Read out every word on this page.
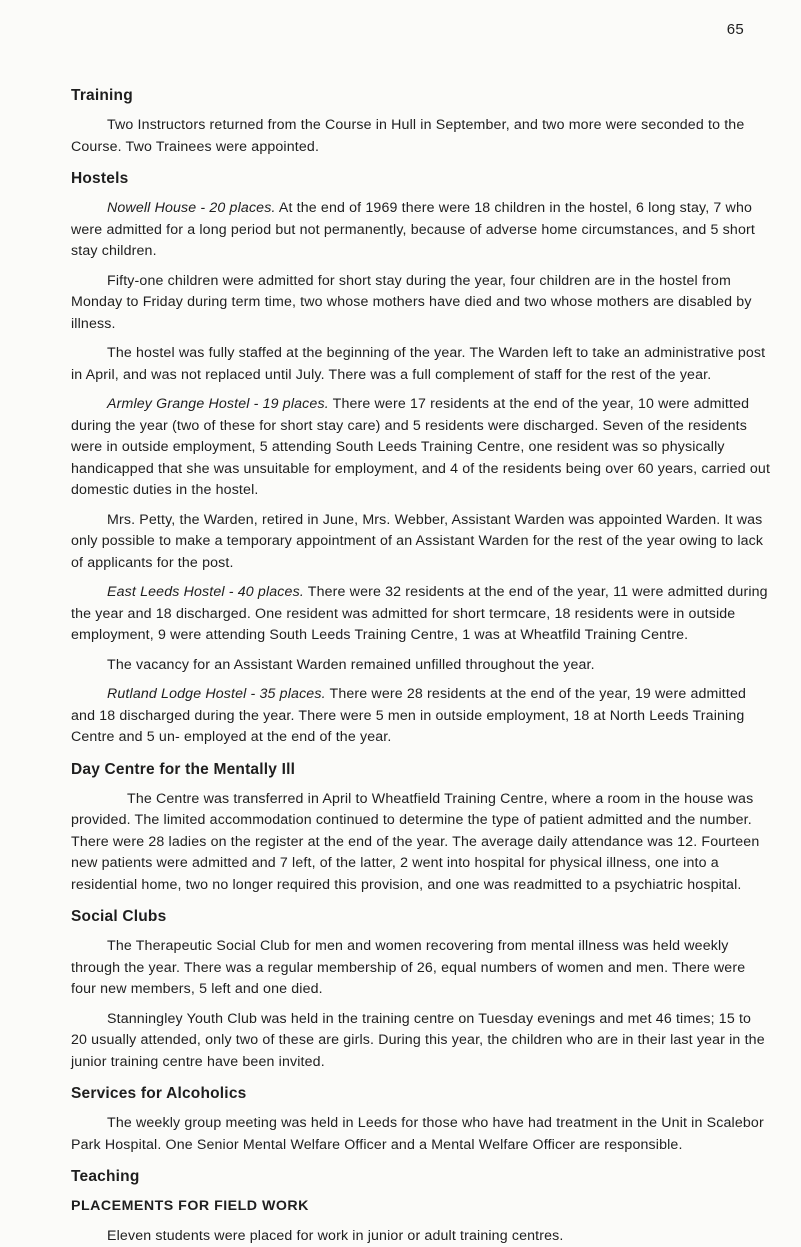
65
Training

Two Instructors returned from the Course in Hull in September, and two more were seconded to the Course. Two Trainees were appointed.

Hostels

Nowell House - 20 places. At the end of 1969 there were 18 children in the hostel, 6 long stay, 7 who were admitted for a long period but not permanently, because of adverse home circumstances, and 5 short stay children.

Fifty-one children were admitted for short stay during the year, four children are in the hostel from Monday to Friday during term time, two whose mothers have died and two whose mothers are disabled by illness.

The hostel was fully staffed at the beginning of the year. The Warden left to take an administrative post in April, and was not replaced until July. There was a full complement of staff for the rest of the year.

Armley Grange Hostel - 19 places. There were 17 residents at the end of the year, 10 were admitted during the year (two of these for short stay care) and 5 residents were discharged. Seven of the residents were in outside employment, 5 attending South Leeds Training Centre, one resident was so physically handicapped that she was unsuitable for employment, and 4 of the residents being over 60 years, carried out domestic duties in the hostel.

Mrs. Petty, the Warden, retired in June, Mrs. Webber, Assistant Warden was appointed Warden. It was only possible to make a temporary appointment of an Assistant Warden for the rest of the year owing to lack of applicants for the post.

East Leeds Hostel - 40 places. There were 32 residents at the end of the year, 11 were admitted during the year and 18 discharged. One resident was admitted for short termcare, 18 residents were in outside employment, 9 were attending South Leeds Training Centre, 1 was at Wheatfild Training Centre.

The vacancy for an Assistant Warden remained unfilled throughout the year.

Rutland Lodge Hostel - 35 places. There were 28 residents at the end of the year, 19 were admitted and 18 discharged during the year. There were 5 men in outside employment, 18 at North Leeds Training Centre and 5 un- employed at the end of the year.

Day Centre for the Mentally Ill

The Centre was transferred in April to Wheatfield Training Centre, where a room in the house was provided. The limited accommodation continued to determine the type of patient admitted and the number. There were 28 ladies on the register at the end of the year. The average daily attendance was 12. Fourteen new patients were admitted and 7 left, of the latter, 2 went into hospital for physical illness, one into a residential home, two no longer required this provision, and one was readmitted to a psychiatric hospital.

Social Clubs

The Therapeutic Social Club for men and women recovering from mental illness was held weekly through the year. There was a regular membership of 26, equal numbers of women and men. There were four new members, 5 left and one died.

Stanningley Youth Club was held in the training centre on Tuesday evenings and met 46 times; 15 to 20 usually attended, only two of these are girls. During this year, the children who are in their last year in the junior training centre have been invited.

Services for Alcoholics

The weekly group meeting was held in Leeds for those who have had treatment in the Unit in Scalebor Park Hospital. One Senior Mental Welfare Officer and a Mental Welfare Officer are responsible.

Teaching

PLACEMENTS FOR FIELD WORK

Eleven students were placed for work in junior or adult training centres.
